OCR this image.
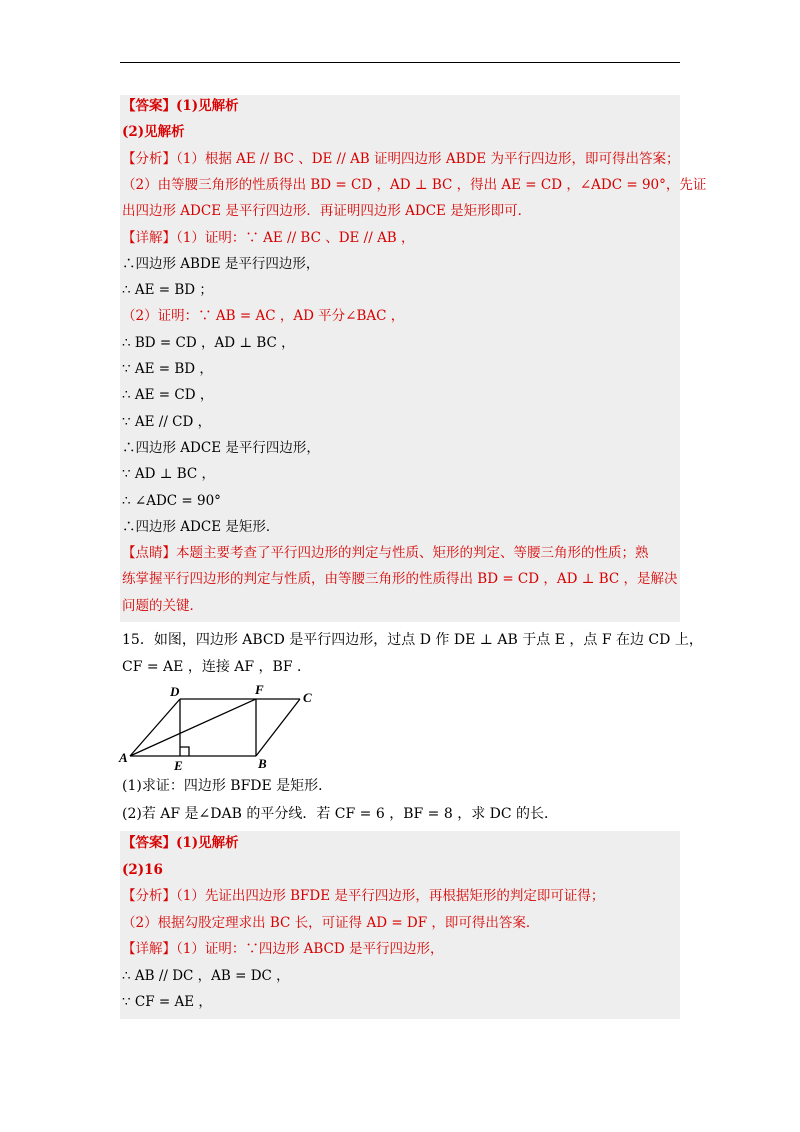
【答案】(1)见解析
(2)见解析
【分析】（1）根据 AE // BC 、DE // AB 证明四边形 ABDE 为平行四边形，即可得出答案；
（2）由等腰三角形的性质得出 BD = CD ，AD ⊥ BC ，得出 AE = CD ，∠ADC = 90°，先证
出四边形 ADCE 是平行四边形．再证明四边形 ADCE 是矩形即可．
【详解】（1）证明：∵ AE // BC 、DE // AB ，
∴四边形 ABDE 是平行四边形，
∴ AE = BD ；
（2）证明：∵ AB = AC ，AD 平分∠BAC ，
∴ BD = CD ，AD ⊥ BC ，
∵ AE = BD ，
∴ AE = CD ，
∵ AE // CD ，
∴四边形 ADCE 是平行四边形，
∵ AD ⊥ BC ，
∴ ∠ADC = 90°
∴四边形 ADCE 是矩形．
【点睛】本题主要考查了平行四边形的判定与性质、矩形的判定、等腰三角形的性质；熟
练掌握平行四边形的判定与性质，由等腰三角形的性质得出 BD = CD ，AD ⊥ BC ，是解决
问题的关键．
15．如图，四边形 ABCD 是平行四边形，过点 D 作 DE ⊥ AB 于点 E ，点 F 在边 CD 上，
CF = AE ，连接 AF ，BF ．
A
E	B
D	F
C
(1)求证：四边形 BFDE 是矩形．
(2)若 AF 是∠DAB 的平分线．若 CF = 6 ，BF = 8 ，求 DC 的长．
【答案】(1)见解析
(2)16
【分析】（1）先证出四边形 BFDE 是平行四边形，再根据矩形的判定即可证得；
（2）根据勾股定理求出 BC 长，可证得 AD = DF ，即可得出答案．
【详解】（1）证明：∵四边形 ABCD 是平行四边形，
∴ AB // DC ，AB = DC ，
∵ CF = AE ，
